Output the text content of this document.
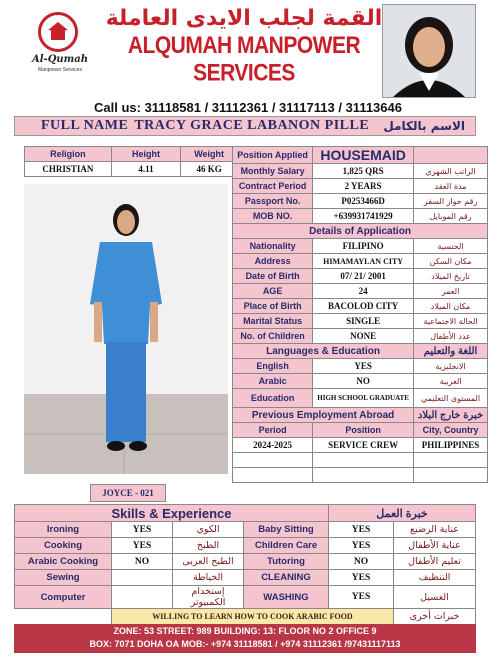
Al-Qumah
Manpower Services
القمة لجلب الايدى العاملة
ALQUMAH MANPOWER SERVICES
Call us: 31118581 / 31112361 / 31117113 / 31113646
FULL NAME TRACY GRACE LABANON PILLE الاسم بالكامل
Religion	Height	Weight
CHRISTIAN	4.11	46 KG
JOYCE - 021
Position Applied	HOUSEMAID	
Monthly Salary	1,825 QRS	الراتب الشهري
Contract Period	2 YEARS	مدة العقد
Passport No.	P0253466D	رقم جواز السفر
MOB NO.	+639931741929	رقم الموبايل
Details of Application		
Nationality	FILIPINO	الجنسية
Address	HIMAMAYLAN CITY	مكان السكن
Date of Birth	07/ 21/ 2001	تاريخ الميلاد
AGE	24	العمر
Place of Birth	BACOLOD CITY	مكان الميلاد
Marital Status	SINGLE	الحالة الاجتماعية
No. of Children	NONE	عدد الأطفال
Languages & Education		اللغة والتعليم
English	YES	الانجليزية
Arabic	NO	العربية
Education	HIGH SCHOOL GRADUATE	المستوى التعليمي
Previous Employment Abroad		خبرة خارج البلاد
Period	Position	City, Country
2024-2025	SERVICE CREW	PHILIPPINES

Skills & Experience				خبرة العمل	
Ironing	YES	الكوي	Baby Sitting	YES	عناية الرضيع
Cooking	YES	الطبخ	Children Care	YES	عناية الأطفال
Arabic Cooking	NO	الطبخ العربى	Tutoring	NO	تعليم الأطفال
Sewing		الخياطة	CLEANING	YES	التنظيف
Computer		إستخدام الكمبيوتر	WASHING	YES	الغسيل
	WILLING TO LEARN HOW TO COOK ARABIC FOOD				خبرات أخرى
ZONE: 53 STREET: 989 BUILDING: 13: FLOOR NO 2 OFFICE 9
BOX: 7071 DOHA OA MOB:- +974 31118581 / +974 31112361 /97431117113
